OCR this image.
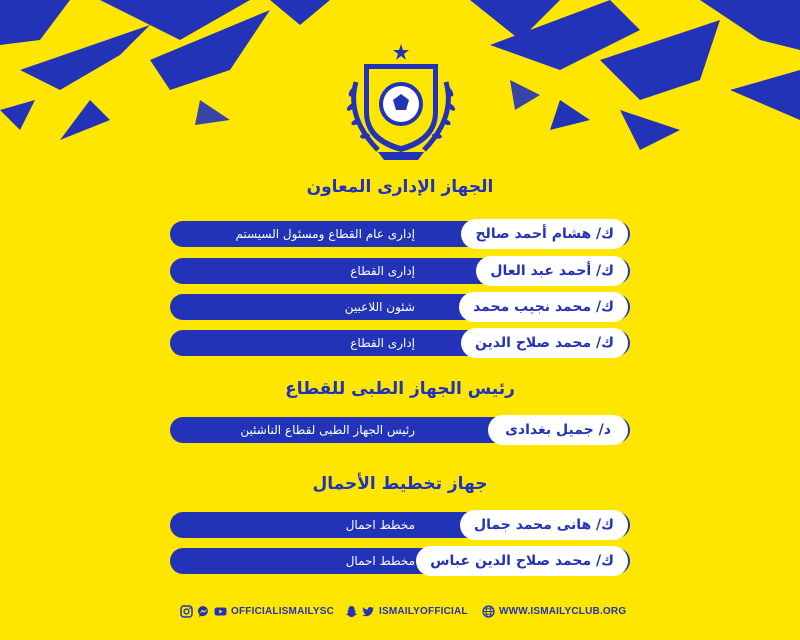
الجهاز الإدارى المعاون
ك/ هشام أحمد صالح
إدارى عام القطاع ومسئول السيستم
ك/ أحمد عبد العال
إدارى القطاع
ك/ محمد نجيب محمد
شئون اللاعبين
ك/ محمد صلاح الدين
إدارى القطاع
رئيس الجهاز الطبى للقطاع
د/ جميل بغدادى
رئيس الجهاز الطبى لقطاع الناشئين
جهاز تخطيط الأحمال
ك/ هانى محمد جمال
مخطط احمال
ك/ محمد صلاح الدين عباس
مخطط احمال
OFFICIALISMAILYSC	ISMAILYOFFICIAL	WWW.ISMAILYCLUB.ORG
